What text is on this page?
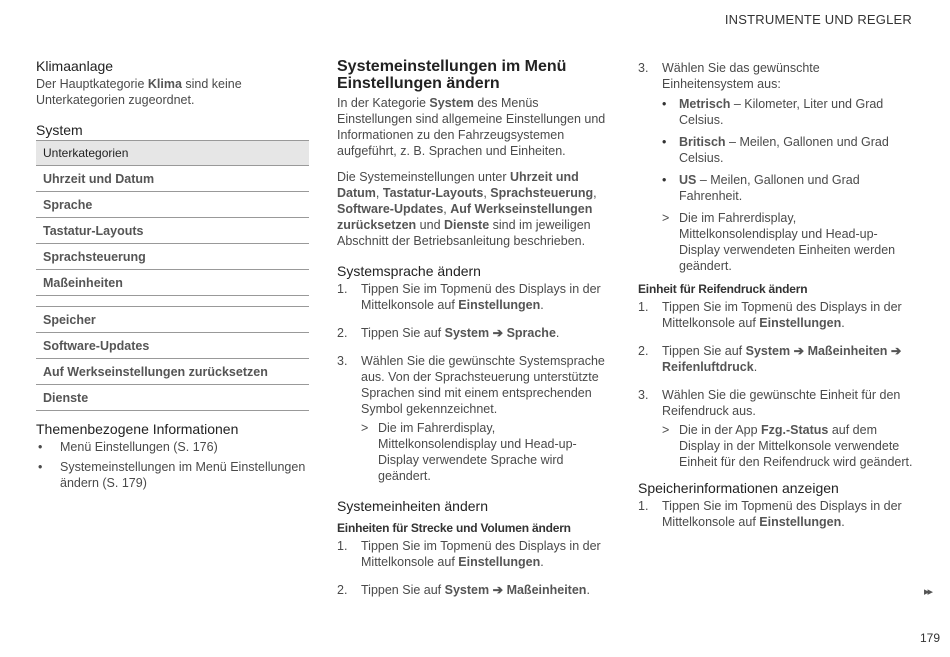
INSTRUMENTE UND REGLER
Klimaanlage

Der Hauptkategorie Klima sind keine Unterkategorien zugeordnet.

System
Unterkategorien
Uhrzeit und Datum
Sprache
Tastatur-Layouts
Sprachsteuerung
Maßeinheiten

Speicher
Software-Updates
Auf Werkseinstellungen zurücksetzen
Dienste
Themenbezogene Informationen
• Menü Einstellungen (S. 176)
• Systemeinstellungen im Menü Einstellungen ändern (S. 179)
Systemeinstellungen im Menü Einstellungen ändern

In der Kategorie System des Menüs Einstellungen sind allgemeine Einstellungen und Informationen zu den Fahrzeugsystemen aufgeführt, z. B. Sprachen und Einheiten.

Die Systemeinstellungen unter Uhrzeit und Datum, Tastatur-Layouts, Sprachsteuerung, Software-Updates, Auf Werkseinstellungen zurücksetzen und Dienste sind im jeweiligen Abschnitt der Betriebsanleitung beschrieben.

Systemsprache ändern
1. Tippen Sie im Topmenü des Displays in der Mittelkonsole auf Einstellungen.
2. Tippen Sie auf System ➔ Sprache.
3. Wählen Sie die gewünschte Systemsprache aus. Von der Sprachsteuerung unterstützte Sprachen sind mit einem entsprechenden Symbol gekennzeichnet.
> Die im Fahrerdisplay, Mittelkonsolendisplay und Head-up-Display verwendete Sprache wird geändert.
Systemeinheiten ändern
Einheiten für Strecke und Volumen ändern
1. Tippen Sie im Topmenü des Displays in der Mittelkonsole auf Einstellungen.
2. Tippen Sie auf System ➔ Maßeinheiten.
3. Wählen Sie das gewünschte Einheitensystem aus:
• Metrisch – Kilometer, Liter und Grad Celsius.
• Britisch – Meilen, Gallonen und Grad Celsius.
• US – Meilen, Gallonen und Grad Fahrenheit.
> Die im Fahrerdisplay, Mittelkonsolendisplay und Head-up-Display verwendeten Einheiten werden geändert.
Einheit für Reifendruck ändern
1. Tippen Sie im Topmenü des Displays in der Mittelkonsole auf Einstellungen.
2. Tippen Sie auf System ➔ Maßeinheiten ➔ Reifenluftdruck.
3. Wählen Sie die gewünschte Einheit für den Reifendruck aus.
> Die in der App Fzg.-Status auf dem Display in der Mittelkonsole verwendete Einheit für den Reifendruck wird geändert.
Speicherinformationen anzeigen
1. Tippen Sie im Topmenü des Displays in der Mittelkonsole auf Einstellungen.
▸▸
179
